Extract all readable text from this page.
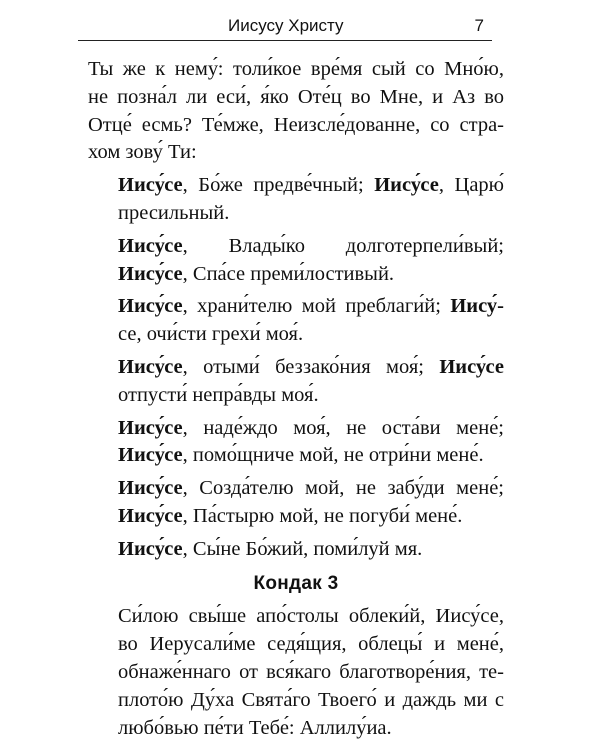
Иисусу Христу	7

Ты же к нему́: толи́кое вре́мя сый со Мно́ю,
не позна́л ли еси́, я́ко Оте́ц во Мне, и Аз во
Отце́ есмь? Те́мже, Неизсле́дованне, со стра-
хом зову́ Ти:

Иису́се, Бо́же предве́чный; Иису́се, Царю́
пресильный.

Иису́се, Влады́ко долготерпели́вый;
Иису́се, Спа́се преми́лостивый.

Иису́се, храни́телю мой преблаги́й; Иису́-
се, очи́сти грехи́ моя́.

Иису́се, отыми́ беззако́ния моя́; Иису́се
отпусти́ непра́вды моя́.

Иису́се, наде́ждо моя́, не оста́ви мене́;
Иису́се, помо́щниче мой, не отри́ни мене́.

Иису́се, Созда́телю мой, не забу́ди мене́;
Иису́се, Па́стырю мой, не погуби́ мене́.

Иису́се, Сы́не Бо́жий, поми́луй мя.

Кондак 3

Си́лою свы́ше апо́столы облеки́й, Иису́се,
во Иерусали́ме седя́щия, облецы́ и мене́,
обнаже́ннаго от вся́каго благотворе́ния, те-
плото́ю Ду́ха Свята́го Твоего́ и даждь ми с
любо́вью пе́ти Тебе́: Аллилу́иа.
